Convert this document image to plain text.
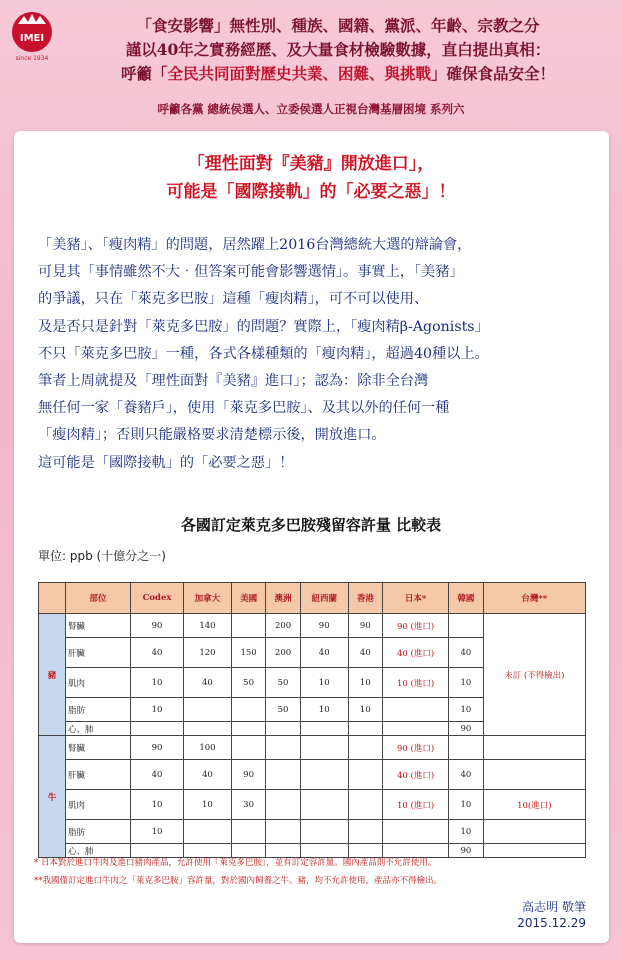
IMEI
since 1934
「食安影響」無性別、種族、國籍、黨派、年齡、宗教之分
謹以40年之實務經歷、及大量食材檢驗數據，直白提出真相：
呼籲「全民共同面對歷史共業、困難、與挑戰」確保食品安全！
呼籲各黨 總統侯選人、立委侯選人正視台灣基層困境 系列六
「理性面對『美豬』開放進口」，
可能是「國際接軌」的「必要之惡」！
「美豬」、「瘦肉精」的問題，居然躍上2016台灣總統大選的辯論會，
可見其「事情雖然不大‧但答案可能會影響選情」。事實上，「美豬」
的爭議，只在「萊克多巴胺」這種「瘦肉精」，可不可以使用、
及是否只是針對「萊克多巴胺」的問題？實際上，「瘦肉精β-Agonists」
不只「萊克多巴胺」一種，各式各樣種類的「瘦肉精」，超過40種以上。
筆者上周就提及「理性面對『美豬』進口」；認為：除非全台灣
無任何一家「養豬戶」，使用「萊克多巴胺」、及其以外的任何一種
「瘦肉精」；否則只能嚴格要求清楚標示後，開放進口。
這可能是「國際接軌」的「必要之惡」！
各國訂定萊克多巴胺殘留容許量 比較表
單位: ppb (十億分之一)
	部位	Codex	加拿大	美國	澳洲	紐西蘭	香港	日本*	韓國	台灣**
豬	腎臟	90	140		200	90	90	90 (進口)		未訂 (不得檢出)
	肝臟	40	120	150	200	40	40	40 (進口)	40	
	肌肉	10	40	50	50	10	10	10 (進口)	10	
	脂肪	10			50	10	10		10	
	心、肺								90	
牛	腎臟	90	100					90 (進口)		
	肝臟	40	40	90				40 (進口)	40	
	肌肉	10	10	30				10 (進口)	10	10(進口)
	脂肪	10							10	
	心、肺								90	
* 日本對於進口牛肉及進口豬肉產品，允許使用「萊克多巴胺」，並有訂定容許量。國內產品則不允許使用。
**我國僅訂定進口牛肉之「萊克多巴胺」容許量，對於國內飼養之牛、豬，均不允許使用，產品亦不得檢出。
高志明 敬筆
2015.12.29
